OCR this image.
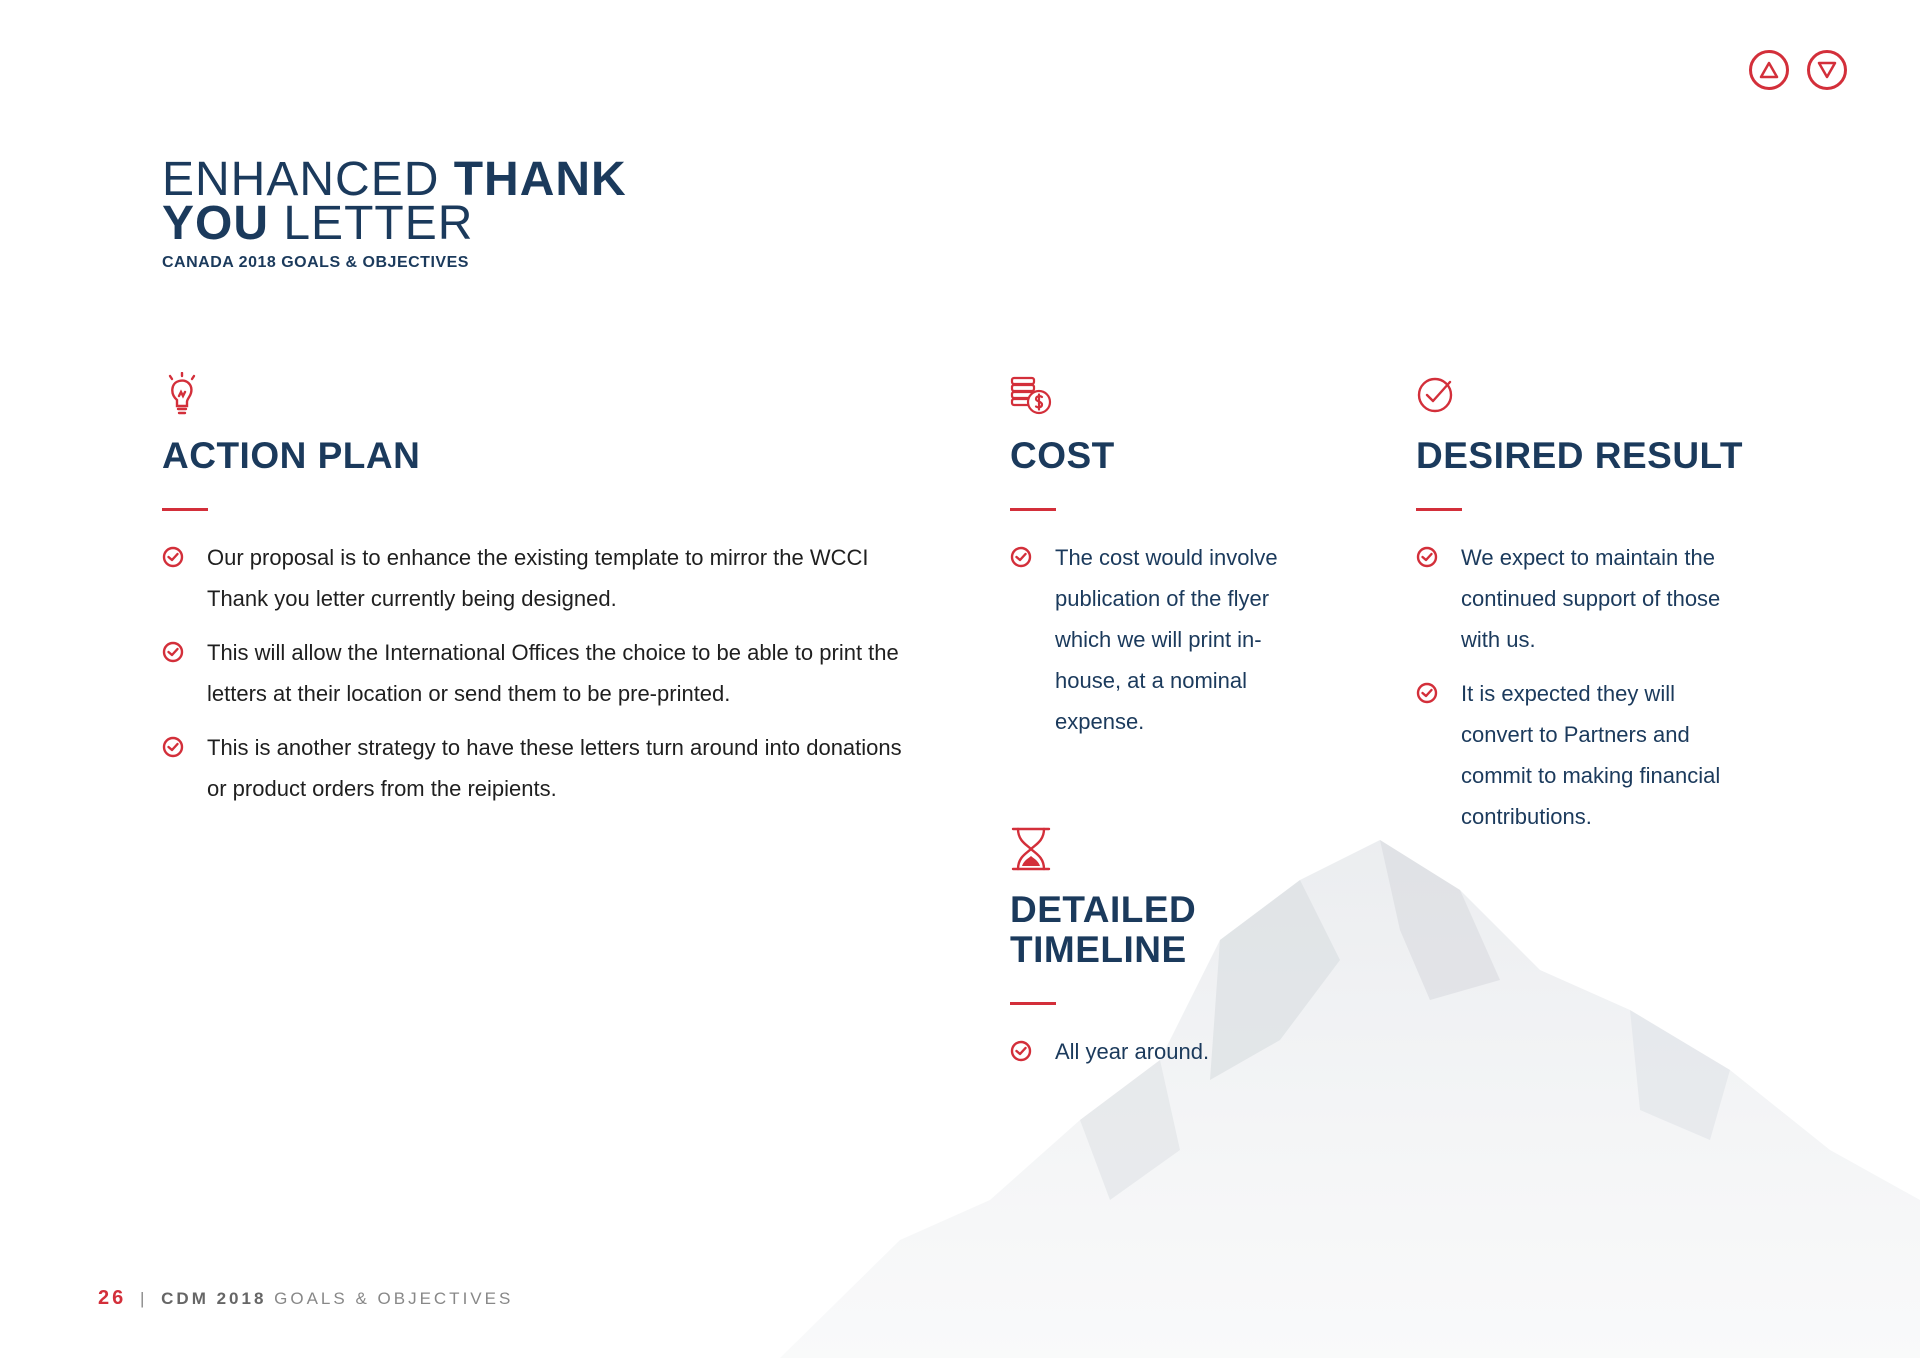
ENHANCED THANK
YOU LETTER
CANADA 2018 GOALS & OBJECTIVES
ACTION PLAN
Our proposal is to enhance the existing template to mirror the WCCI Thank you letter currently being designed.
This will allow the International Offices the choice to be able to print the letters at their location or send them to be pre-printed.
This is another strategy to have these letters turn around into donations or product orders from the reipients.
COST
The cost would involve publication of the flyer which we will print in-house, at a nominal expense.
DESIRED RESULT
We expect to maintain the continued support of those with us.
It is expected they will convert to Partners and commit to making financial contributions.
DETAILED
TIMELINE
All year around.
26 | CDM 2018 GOALS & OBJECTIVES
